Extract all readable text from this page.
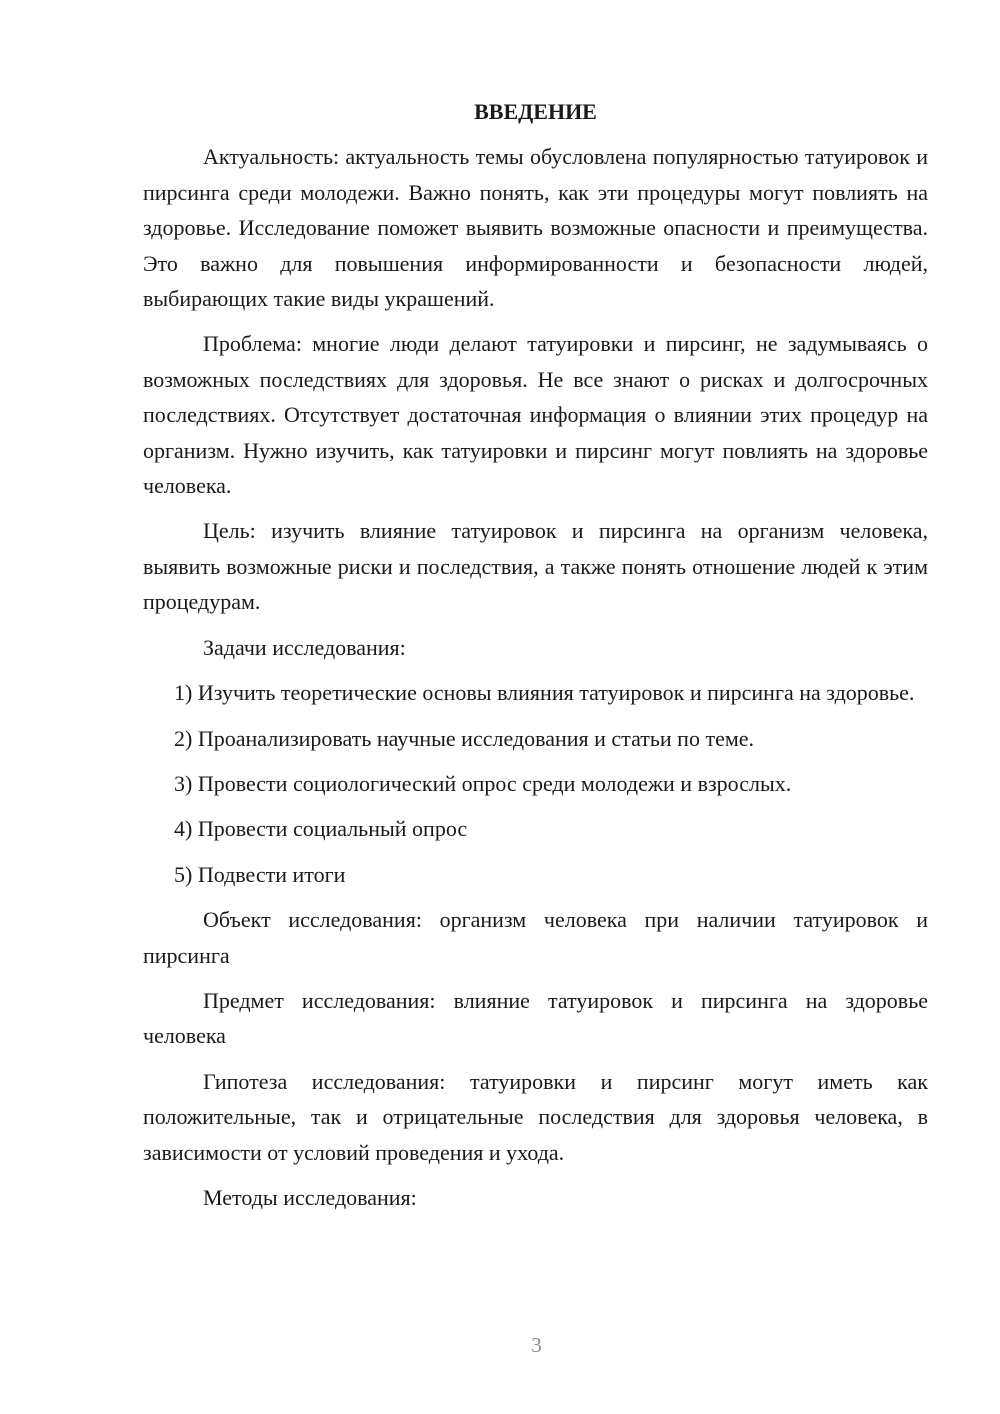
ВВЕДЕНИЕ

Актуальность: актуальность темы обусловлена популярностью татуировок и пирсинга среди молодежи. Важно понять, как эти процедуры могут повлиять на здоровье. Исследование поможет выявить возможные опасности и преимущества. Это важно для повышения информированности и безопасности людей, выбирающих такие виды украшений.

Проблема: многие люди делают татуировки и пирсинг, не задумываясь о возможных последствиях для здоровья. Не все знают о рисках и долгосрочных последствиях. Отсутствует достаточная информация о влиянии этих процедур на организм. Нужно изучить, как татуировки и пирсинг могут повлиять на здоровье человека.

Цель: изучить влияние татуировок и пирсинга на организм человека, выявить возможные риски и последствия, а также понять отношение людей к этим процедурам.

Задачи исследования:

1) Изучить теоретические основы влияния татуировок и пирсинга на здоровье.

2) Проанализировать научные исследования и статьи по теме.

3) Провести социологический опрос среди молодежи и взрослых.

4) Провести социальный опрос

5) Подвести итоги

Объект исследования: организм человека при наличии татуировок и пирсинга

Предмет исследования: влияние татуировок и пирсинга на здоровье человека

Гипотеза исследования: татуировки и пирсинг могут иметь как положительные, так и отрицательные последствия для здоровья человека, в зависимости от условий проведения и ухода.

Методы исследования:

3
